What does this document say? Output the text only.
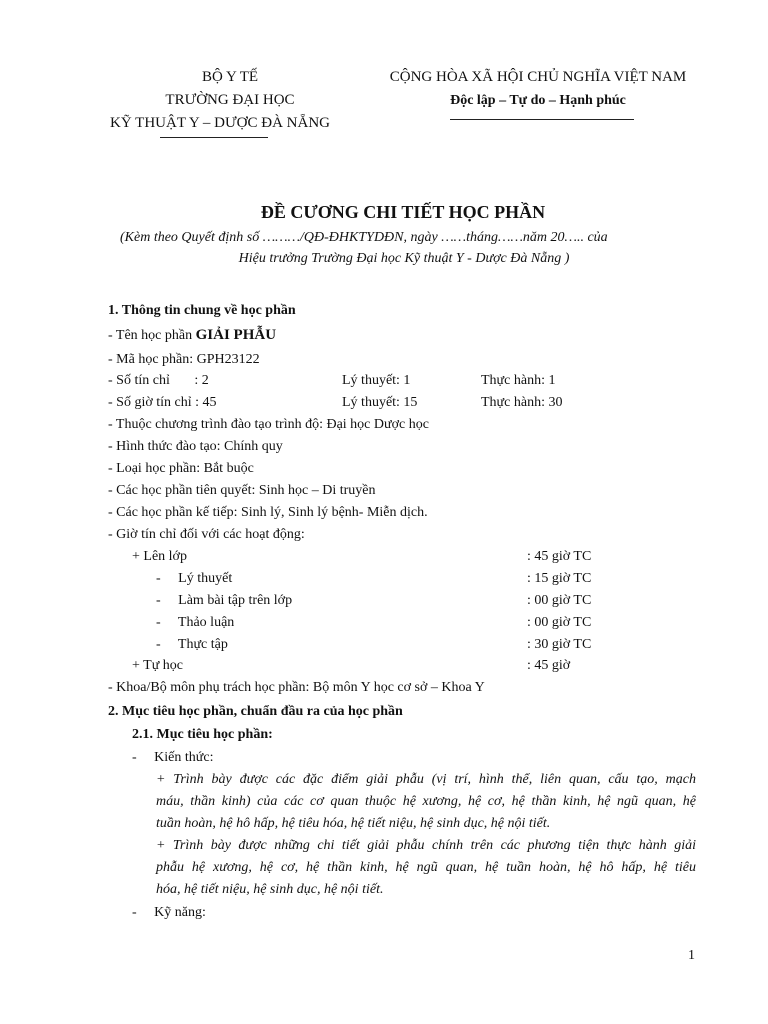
BỘ Y TẾ
TRƯỜNG ĐẠI HỌC
KỸ THUẬT Y – DƯỢC ĐÀ NẴNG
CỘNG HÒA XÃ HỘI CHỦ NGHĨA VIỆT NAM
Độc lập – Tự do – Hạnh phúc
ĐỀ CƯƠNG CHI TIẾT HỌC PHẦN
(Kèm theo Quyết định số ………/QĐ-ĐHKTYDĐN, ngày ……tháng……năm 20….. của
Hiệu trưởng Trường Đại học Kỹ thuật Y - Dược Đà Nẵng )
1. Thông tin chung về học phần
- Tên học phần GIẢI PHẪU
- Mã học phần: GPH23122
- Số tín chỉ       : 2	Lý thuyết: 1	Thực hành: 1
- Số giờ tín chỉ : 45	Lý thuyết: 15	Thực hành: 30
- Thuộc chương trình đào tạo trình độ: Đại học Dược học
- Hình thức đào tạo: Chính quy
- Loại học phần: Bắt buộc
- Các học phần tiên quyết: Sinh học – Di truyền
- Các học phần kế tiếp: Sinh lý, Sinh lý bệnh- Miễn dịch.
- Giờ tín chỉ đối với các hoạt động:
+ Lên lớp	: 45 giờ TC
-     Lý thuyết	: 15 giờ TC
-     Làm bài tập trên lớp	: 00 giờ TC
-     Thảo luận	: 00 giờ TC
-     Thực tập	: 30 giờ TC
+ Tự học	: 45 giờ
- Khoa/Bộ môn phụ trách học phần: Bộ môn Y học cơ sở – Khoa Y
2. Mục tiêu học phần, chuẩn đầu ra của học phần
2.1. Mục tiêu học phần:
-     Kiến thức:
+ Trình bày được các đặc điểm giải phẫu (vị trí, hình thể, liên quan, cấu tạo, mạch
máu, thần kinh) của các cơ quan thuộc hệ xương, hệ cơ, hệ thần kinh, hệ ngũ quan, hệ
tuần hoàn, hệ hô hấp, hệ tiêu hóa, hệ tiết niệu, hệ sinh dục, hệ nội tiết.
+ Trình bày được những chi tiết giải phẫu chính trên các phương tiện thực hành giải
phẫu hệ xương, hệ cơ, hệ thần kinh, hệ ngũ quan, hệ tuần hoàn, hệ hô hấp, hệ tiêu
hóa, hệ tiết niệu, hệ sinh dục, hệ nội tiết.
-     Kỹ năng:
1
